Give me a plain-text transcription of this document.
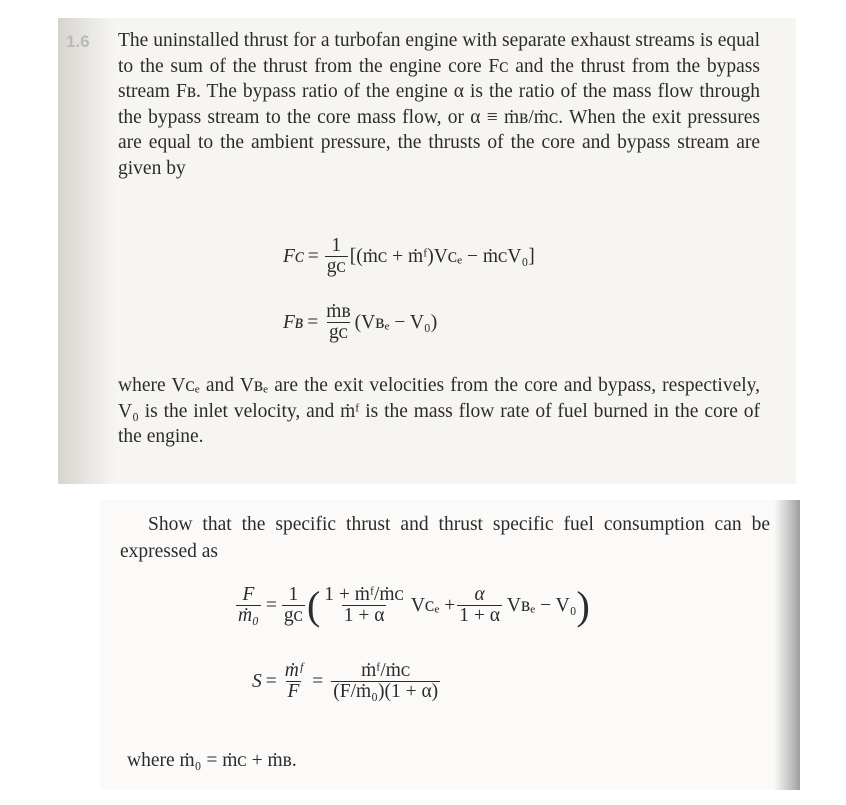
1.6 The uninstalled thrust for a turbofan engine with separate exhaust streams is equal to the sum of the thrust from the engine core Fᴄ and the thrust from the bypass stream Fʙ. The bypass ratio of the engine α is the ratio of the mass flow through the bypass stream to the core mass flow, or α ≡ ṁʙ/ṁᴄ. When the exit pressures are equal to the ambient pressure, the thrusts of the core and bypass stream are given by

Fᴄ = $\frac{1}{\text{gᴄ}}$ [(ṁᴄ + ṁᶠ)Vᴄₑ − ṁᴄV₀]
Fʙ = $\frac{\text{ṁʙ}}{\text{gᴄ}}$ (Vʙₑ − V₀)

where Vᴄₑ and Vʙₑ are the exit velocities from the core and bypass, respectively, V₀ is the inlet velocity, and ṁᶠ is the mass flow rate of fuel burned in the core of the engine.

Show that the specific thrust and thrust specific fuel consumption can be expressed as

$\frac{F}{\text{ṁ₀}} = \frac{1}{\text{gᴄ}}$ ( $\frac{\text{1 + ṁᶠ/ṁᴄ}}{1 + \alpha}$ Vᴄₑ + $\frac{\alpha}{1 + \alpha}$ Vʙₑ − V₀ )
$S = \frac{\text{ṁᶠ}}{F} = \frac{\text{ṁᶠ/ṁᴄ}}{\text{(F/ṁ₀)(1 + α)}}$
where ṁ₀ = ṁᴄ + ṁʙ.
